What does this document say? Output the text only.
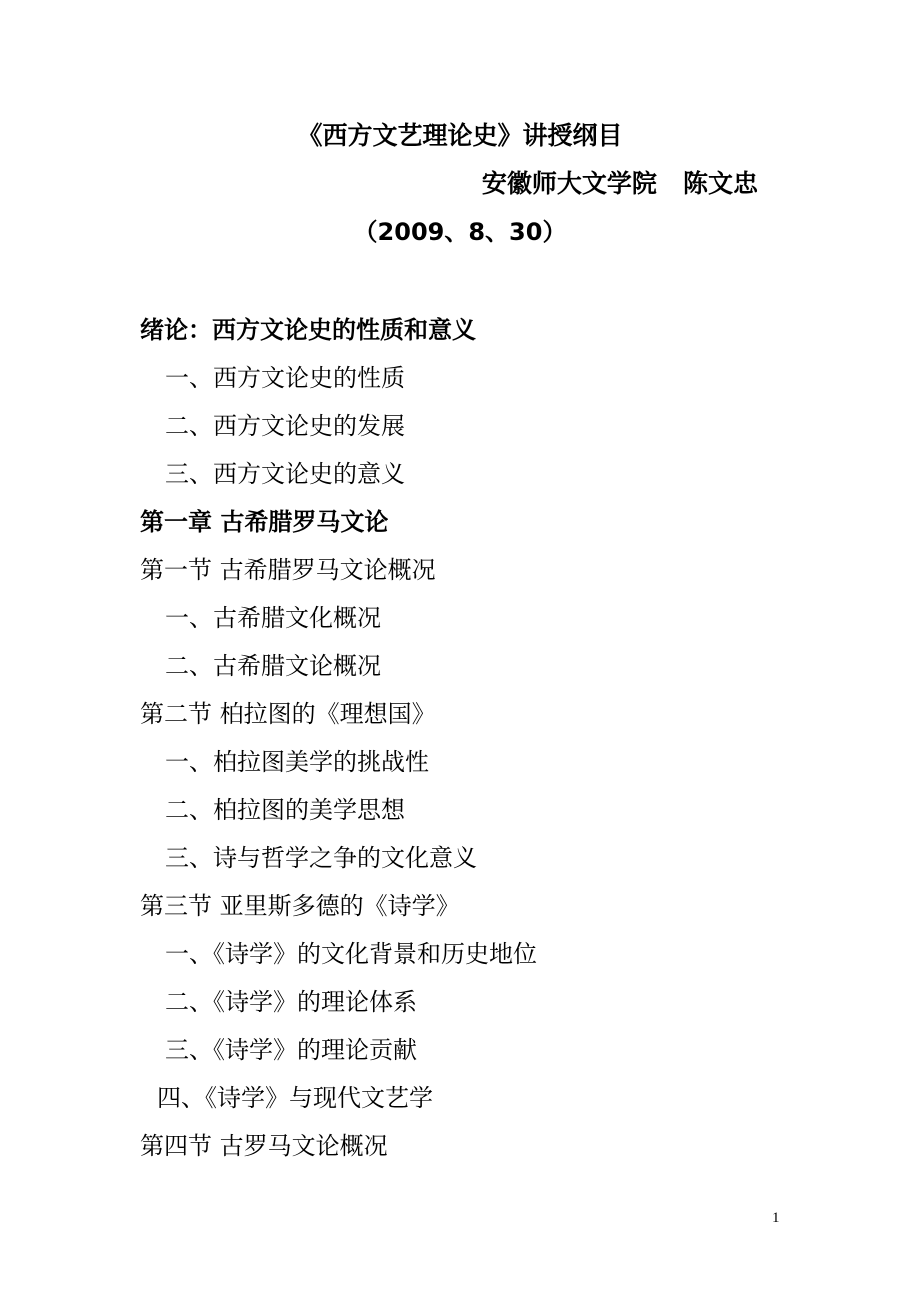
《西方文艺理论史》讲授纲目
安徽师大文学院   陈文忠
（2009、8、30）
绪论：西方文论史的性质和意义
一、西方文论史的性质
二、西方文论史的发展
三、西方文论史的意义
第一章 古希腊罗马文论
第一节 古希腊罗马文论概况
一、古希腊文化概况
二、古希腊文论概况
第二节 柏拉图的《理想国》
一、柏拉图美学的挑战性
二、柏拉图的美学思想
三、诗与哲学之争的文化意义
第三节 亚里斯多德的《诗学》
一、《诗学》的文化背景和历史地位
二、《诗学》的理论体系
三、《诗学》的理论贡献
四、《诗学》与现代文艺学
第四节 古罗马文论概况
1
